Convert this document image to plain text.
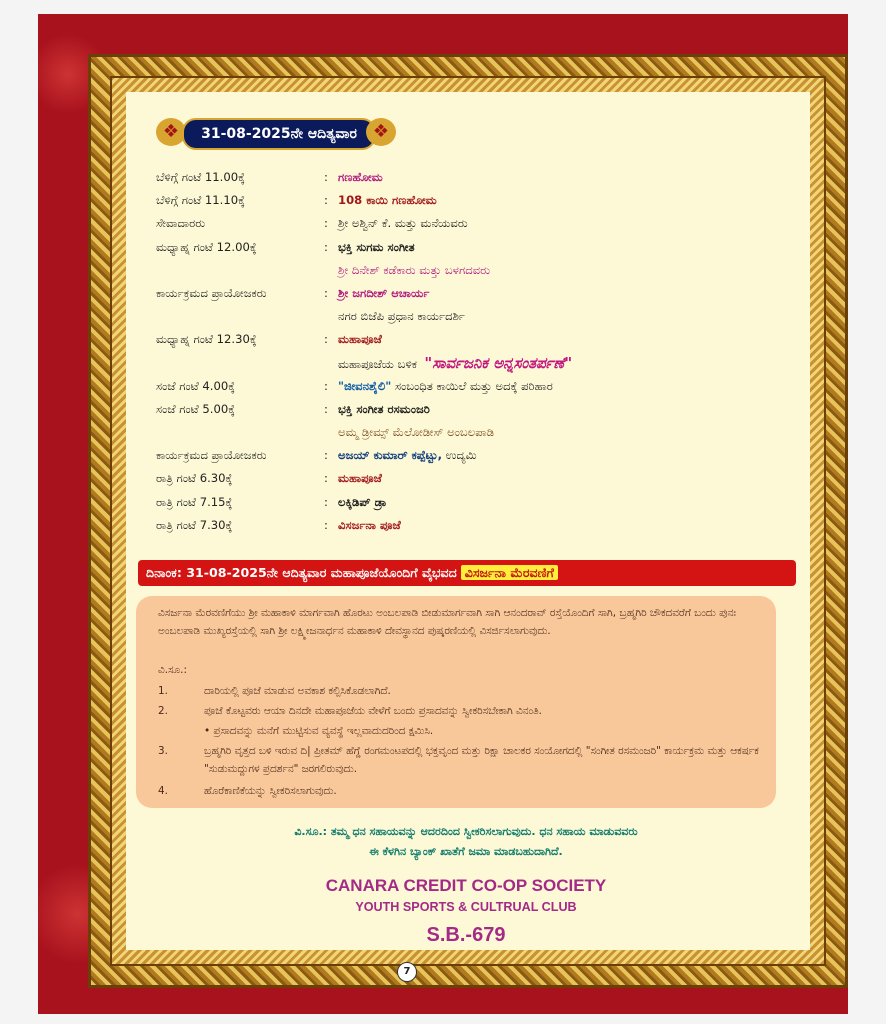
❖	31-08-2025ನೇ ಆದಿತ್ಯವಾರ ❖
ಬೆಳಿಗ್ಗೆ ಗಂಟೆ 11.00ಕ್ಕೆ	: ಗಣಹೋಮ
ಬೆಳಿಗ್ಗೆ ಗಂಟೆ 11.10ಕ್ಕೆ	: 108 ಕಾಯಿ ಗಣಹೋಮ
ಸೇವಾದಾರರು	: ಶ್ರೀ ಅಶ್ವಿನ್ ಕೆ. ಮತ್ತು ಮನೆಯವರು
ಮಧ್ಯಾಹ್ನ ಗಂಟೆ 12.00ಕ್ಕೆ	: ಭಕ್ತಿ ಸುಗಮ ಸಂಗೀತ
ಶ್ರೀ ದಿನೇಶ್ ಕಡೆಕಾರು ಮತ್ತು ಬಳಗದವರು
ಕಾರ್ಯಕ್ರಮದ ಪ್ರಾಯೋಜಕರು	: ಶ್ರೀ ಜಗದೀಶ್ ಆಚಾರ್ಯ
ನಗರ ಬಿಜೆಪಿ ಪ್ರಧಾನ ಕಾರ್ಯದರ್ಶಿ
ಮಧ್ಯಾಹ್ನ ಗಂಟೆ 12.30ಕ್ಕೆ	: ಮಹಾಪೂಜೆ
ಮಹಾಪೂಜೆಯ ಬಳಿಕ "ಸಾರ್ವಜನಿಕ ಅನ್ನಸಂತರ್ಪಣೆ"
ಸಂಜೆ ಗಂಟೆ 4.00ಕ್ಕೆ	: "ಜೀವನಶೈಲಿ" ಸಂಬಂಧಿತ ಕಾಯಿಲೆ ಮತ್ತು ಅದಕ್ಕೆ ಪರಿಹಾರ
ಸಂಜೆ ಗಂಟೆ 5.00ಕ್ಕೆ	: ಭಕ್ತಿ ಸಂಗೀತ ರಸಮಂಜರಿ
ಅಮ್ಮ ಡ್ರೀಮ್ಸ್ ಮೆಲೋಡೀಸ್ ಅಂಬಲಪಾಡಿ
ಕಾರ್ಯಕ್ರಮದ ಪ್ರಾಯೋಜಕರು	: ಅಜಯ್ ಕುಮಾರ್ ಕಪ್ಪೆಟ್ಟು, ಉದ್ಯಮಿ
ರಾತ್ರಿ ಗಂಟೆ 6.30ಕ್ಕೆ	: ಮಹಾಪೂಜೆ
ರಾತ್ರಿ ಗಂಟೆ 7.15ಕ್ಕೆ	: ಲಕ್ಕಿಡಿಪ್ ಡ್ರಾ
ರಾತ್ರಿ ಗಂಟೆ 7.30ಕ್ಕೆ	: ವಿಸರ್ಜನಾ ಪೂಜೆ
ದಿನಾಂಕ: 31-08-2025ನೇ ಆದಿತ್ಯವಾರ ಮಹಾಪೂಜೆಯೊಂದಿಗೆ ವೈಭವದ ವಿಸರ್ಜನಾ ಮೆರವಣಿಗೆ
ವಿಸರ್ಜನಾ ಮೆರವಣಿಗೆಯು ಶ್ರೀ ಮಹಾಕಾಳಿ ಮಾರ್ಗವಾಗಿ ಹೊರಟು ಅಂಬಲಪಾಡಿ ಬೀಡುಮಾರ್ಗವಾಗಿ ಸಾಗಿ ಆನಂದರಾವ್ ರಸ್ತೆಯೊಂದಿಗೆ ಸಾಗಿ, ಬ್ರಹ್ಮಗಿರಿ ಚೌಕದವರೆಗೆ ಬಂದು ಪುನಃ ಅಂಬಲಪಾಡಿ ಮುಖ್ಯರಸ್ತೆಯಲ್ಲಿ ಸಾಗಿ ಶ್ರೀ ಲಕ್ಷ್ಮೀಜನಾರ್ಧನ ಮಹಾಕಾಳಿ ದೇವಸ್ಥಾನದ ಪುಷ್ಕರಣಿಯಲ್ಲಿ ವಿಸರ್ಜಿಸಲಾಗುವುದು.
ವಿ.ಸೂ.:
1.	ದಾರಿಯಲ್ಲಿ ಪೂಜೆ ಮಾಡುವ ಅವಕಾಶ ಕಲ್ಪಿಸಿಕೊಡಲಾಗಿದೆ.
2.	ಪೂಜೆ ಕೊಟ್ಟವರು ಆಯಾ ದಿನದೇ ಮಹಾಪೂಜೆಯ ವೇಳೆಗೆ ಬಂದು ಪ್ರಸಾದವನ್ನು ಸ್ವೀಕರಿಸಬೇಕಾಗಿ ವಿನಂತಿ.
• ಪ್ರಸಾದವನ್ನು ಮನೆಗೆ ಮುಟ್ಟಿಸುವ ವ್ಯವಸ್ಥೆ ಇಲ್ಲವಾದುದರಿಂದ ಕ್ಷಮಿಸಿ.
3.	ಬ್ರಹ್ಮಗಿರಿ ವೃತ್ತದ ಬಳಿ ಇರುವ ದಿ| ಪ್ರೀತಮ್ ಹೆಗ್ಡೆ ರಂಗಮಂಟಪದಲ್ಲಿ ಭಕ್ತವೃಂದ ಮತ್ತು ರಿಕ್ಷಾ ಚಾಲಕರ ಸಂಯೋಗದಲ್ಲಿ "ಸಂಗೀತ ರಸಮಂಜರಿ" ಕಾರ್ಯಕ್ರಮ ಮತ್ತು ಆಕರ್ಷಕ "ಸುಡುಮದ್ದುಗಳ ಪ್ರದರ್ಶನ" ಜರಗಲಿರುವುದು.
4.	ಹೊರೆಕಾಣಿಕೆಯನ್ನು ಸ್ವೀಕರಿಸಲಾಗುವುದು.
ವಿ.ಸೂ.: ತಮ್ಮ ಧನ ಸಹಾಯವನ್ನು ಆದರದಿಂದ ಸ್ವೀಕರಿಸಲಾಗುವುದು. ಧನ ಸಹಾಯ ಮಾಡುವವರು
ಈ ಕೆಳಗಿನ ಬ್ಯಾಂಕ್ ಖಾತೆಗೆ ಜಮಾ ಮಾಡಬಹುದಾಗಿದೆ.
CANARA CREDIT CO-OP SOCIETY
YOUTH SPORTS & CULTRUAL CLUB
S.B.-679
7
